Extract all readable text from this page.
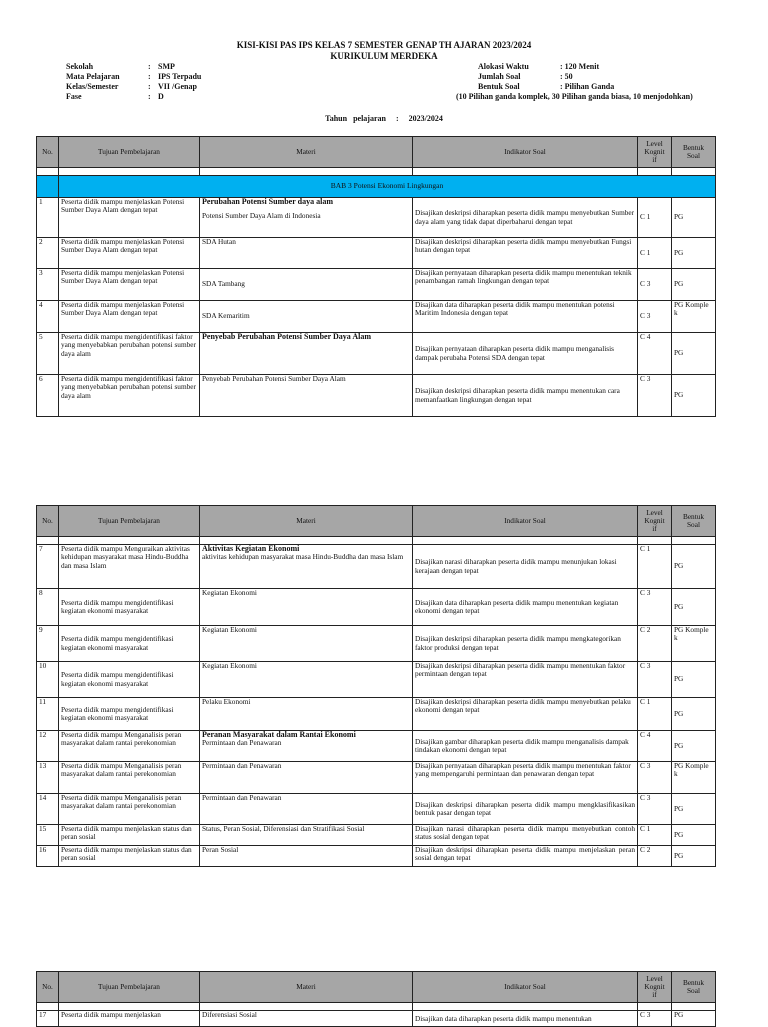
KISI-KISI PAS IPS KELAS 7 SEMESTER GENAP TH AJARAN 2023/2024
KURIKULUM MERDEKA
Sekolah	: SMP
Mata Pelajaran	: IPS Terpadu
Kelas/Semester	: VII /Genap
Fase	: D
Alokasi Waktu	: 120 Menit
Jumlah Soal	: 50
Bentuk Soal	: Pilihan Ganda
(10 Pilihan ganda komplek, 30 Pilihan ganda biasa, 10 menjodohkan)
Tahun   pelajaran : 2023/2024
No.	Tujuan Pembelajaran	Materi	Indikator Soal	Level
Kognit
if	Bentuk
Soal

	BAB 3 Potensi Ekonomi Lingkungan				
1	Peserta didik mampu menjelaskan Potensi Sumber Daya Alam dengan tepat	Perubahan Potensi Sumber daya alam
Potensi Sumber Daya Alam di Indonesia	Disajikan deskripsi diharapkan peserta didik mampu menyebutkan Sumber daya alam yang tidak dapat diperbaharui dengan tepat	C 1	PG
2	Peserta didik mampu menjelaskan Potensi Sumber Daya Alam dengan tepat	SDA Hutan	Disajikan deskripsi diharapkan peserta didik mampu menyebutkan Fungsi hutan dengan tepat	C 1	PG
3	Peserta didik mampu menjelaskan Potensi Sumber Daya Alam dengan tepat	SDA Tambang	Disajikan pernyataan diharapkan peserta didik mampu menentukan teknik penambangan ramah lingkungan dengan tepat	C 3	PG
4	Peserta didik mampu menjelaskan Potensi Sumber Daya Alam dengan tepat	SDA Kemaritim	Disajikan data diharapkan peserta didik mampu menentukan potensi Maritim Indonesia dengan tepat	C 3	PG Komple k
5	Peserta didik mampu mengidentifikasi faktor yang menyebabkan perubahan potensi sumber daya alam	Penyebab Perubahan Potensi Sumber Daya Alam	Disajikan pernyataan diharapkan peserta didik mampu menganalisis dampak perubaha Potensi SDA dengan tepat	C 4	PG
6	Peserta didik mampu mengidentifikasi faktor yang menyebabkan perubahan potensi sumber daya alam	Penyebab Perubahan Potensi Sumber Daya Alam	Disajikan deskripsi diharapkan peserta didik mampu menentukan cara memanfaatkan lingkungan dengan tepat	C 3	PG
No.	Tujuan Pembelajaran	Materi	Indikator Soal	Level
Kognit
if	Bentuk
Soal

7	Peserta didik mampu Menguraikan aktivitas kehidupan masyarakat masa Hindu-Buddha dan masa Islam	Aktivitas Kegiatan Ekonomi
aktivitas kehidupan masyarakat masa Hindu-Buddha dan masa Islam	Disajikan narasi diharapkan peserta didik mampu menunjukan lokasi kerajaan dengan tepat	C 1	PG
8	Peserta didik mampu mengidentifikasi kegiatan ekonomi masyarakat	Kegiatan Ekonomi	Disajikan data diharapkan peserta didik mampu menentukan kegiatan ekonomi dengan tepat	C 3	PG
9	Peserta didik mampu mengidentifikasi kegiatan ekonomi masyarakat	Kegiatan Ekonomi	Disajikan deskripsi diharapkan peserta didik mampu mengkategorikan faktor produksi dengan tepat	C 2	PG Komple k
10	Peserta didik mampu mengidentifikasi kegiatan ekonomi masyarakat	Kegiatan Ekonomi	Disajikan deskripsi diharapkan peserta didik mampu menentukan faktor permintaan dengan tepat	C 3	PG
11	Peserta didik mampu mengidentifikasi kegiatan ekonomi masyarakat	Pelaku Ekonomi	Disajikan deskripsi diharapkan peserta didik mampu menyebutkan pelaku ekonomi dengan tepat	C 1	PG
12	Peserta didik mampu Menganalisis peran masyarakat dalam rantai perekonomian	Peranan Masyarakat dalam Rantai Ekonomi
Permintaan dan Penawaran	Disajikan gambar diharapkan peserta didik mampu menganalisis dampak tindakan ekonomi dengan tepat	C 4	PG
13	Peserta didik mampu Menganalisis peran masyarakat dalam rantai perekonomian	Permintaan dan Penawaran	Disajikan pernyataan diharapkan peserta didik mampu menentukan faktor yang mempengaruhi permintaan dan penawaran dengan tepat	C 3	PG Komple k
14	Peserta didik mampu Menganalisis peran masyarakat dalam rantai perekonomian	Permintaan dan Penawaran	Disajikan deskripsi diharapkan peserta didik mampu mengklasifikasikan bentuk pasar dengan tepat	C 3	PG
15	Peserta didik mampu menjelaskan status dan peran sosial	Status, Peran Sosial, Diferensiasi dan Stratifikasi Sosial	Disajikan narasi diharapkan peserta didik mampu menyebutkan contoh status sosial dengan tepat	C 1	PG
16	Peserta didik mampu menjelaskan status dan peran sosial	Peran Sosial	Disajikan deskripsi diharapkan peserta didik mampu menjelaskan peran sosial dengan tepat	C 2	PG
No.	Tujuan Pembelajaran	Materi	Indikator Soal	Level
Kognit
if	Bentuk
Soal

17	Peserta didik mampu menjelaskan	Diferensiasi Sosial	Disajikan data diharapkan peserta didik mampu menentukan	C 3	PG
